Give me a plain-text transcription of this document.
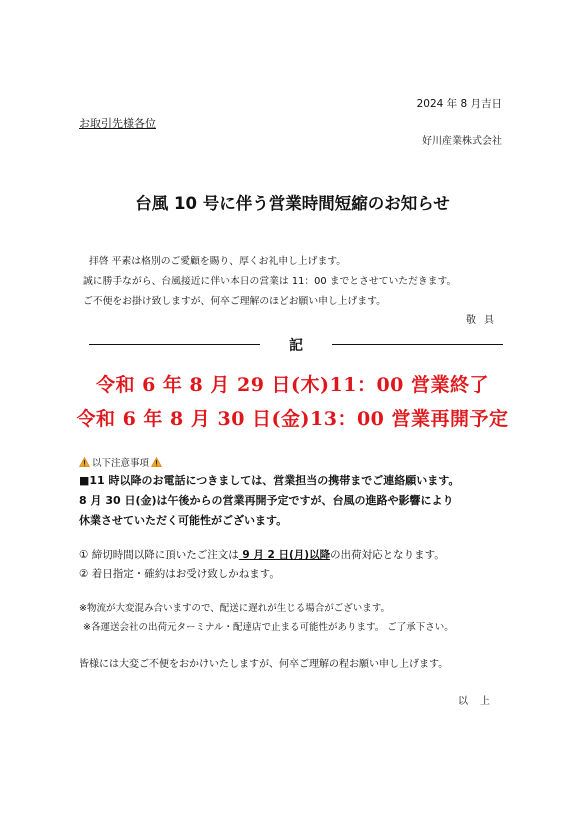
2024 年 8 月吉日
お取引先様各位
好川産業株式会社
台風 10 号に伴う営業時間短縮のお知らせ
拝啓 平素は格別のご愛顧を賜り、厚くお礼申し上げます。
誠に勝手ながら、台風接近に伴い本日の営業は 11：00 までとさせていただきます。
ご不便をお掛け致しますが、何卒ご理解のほどお願い申し上げます。
敬具
記
令和 6 年 8 月 29 日(木)11：00 営業終了
令和 6 年 8 月 30 日(金)13：00 営業再開予定
以下注意事項
■11 時以降のお電話につきましては、営業担当の携帯までご連絡願います。
8 月 30 日(金)は午後からの営業再開予定ですが、台風の進路や影響により
休業させていただく可能性がございます。
① 締切時間以降に頂いたご注文は 9 月 2 日(月)以降の出荷対応となります。
② 着日指定・確約はお受け致しかねます。
※物流が大変混み合いますので、配送に遅れが生じる場合がございます。
※各運送会社の出荷元ターミナル・配達店で止まる可能性があります。 ご了承下さい。
皆様には大変ご不便をおかけいたしますが、何卒ご理解の程お願い申し上げます。
以上
